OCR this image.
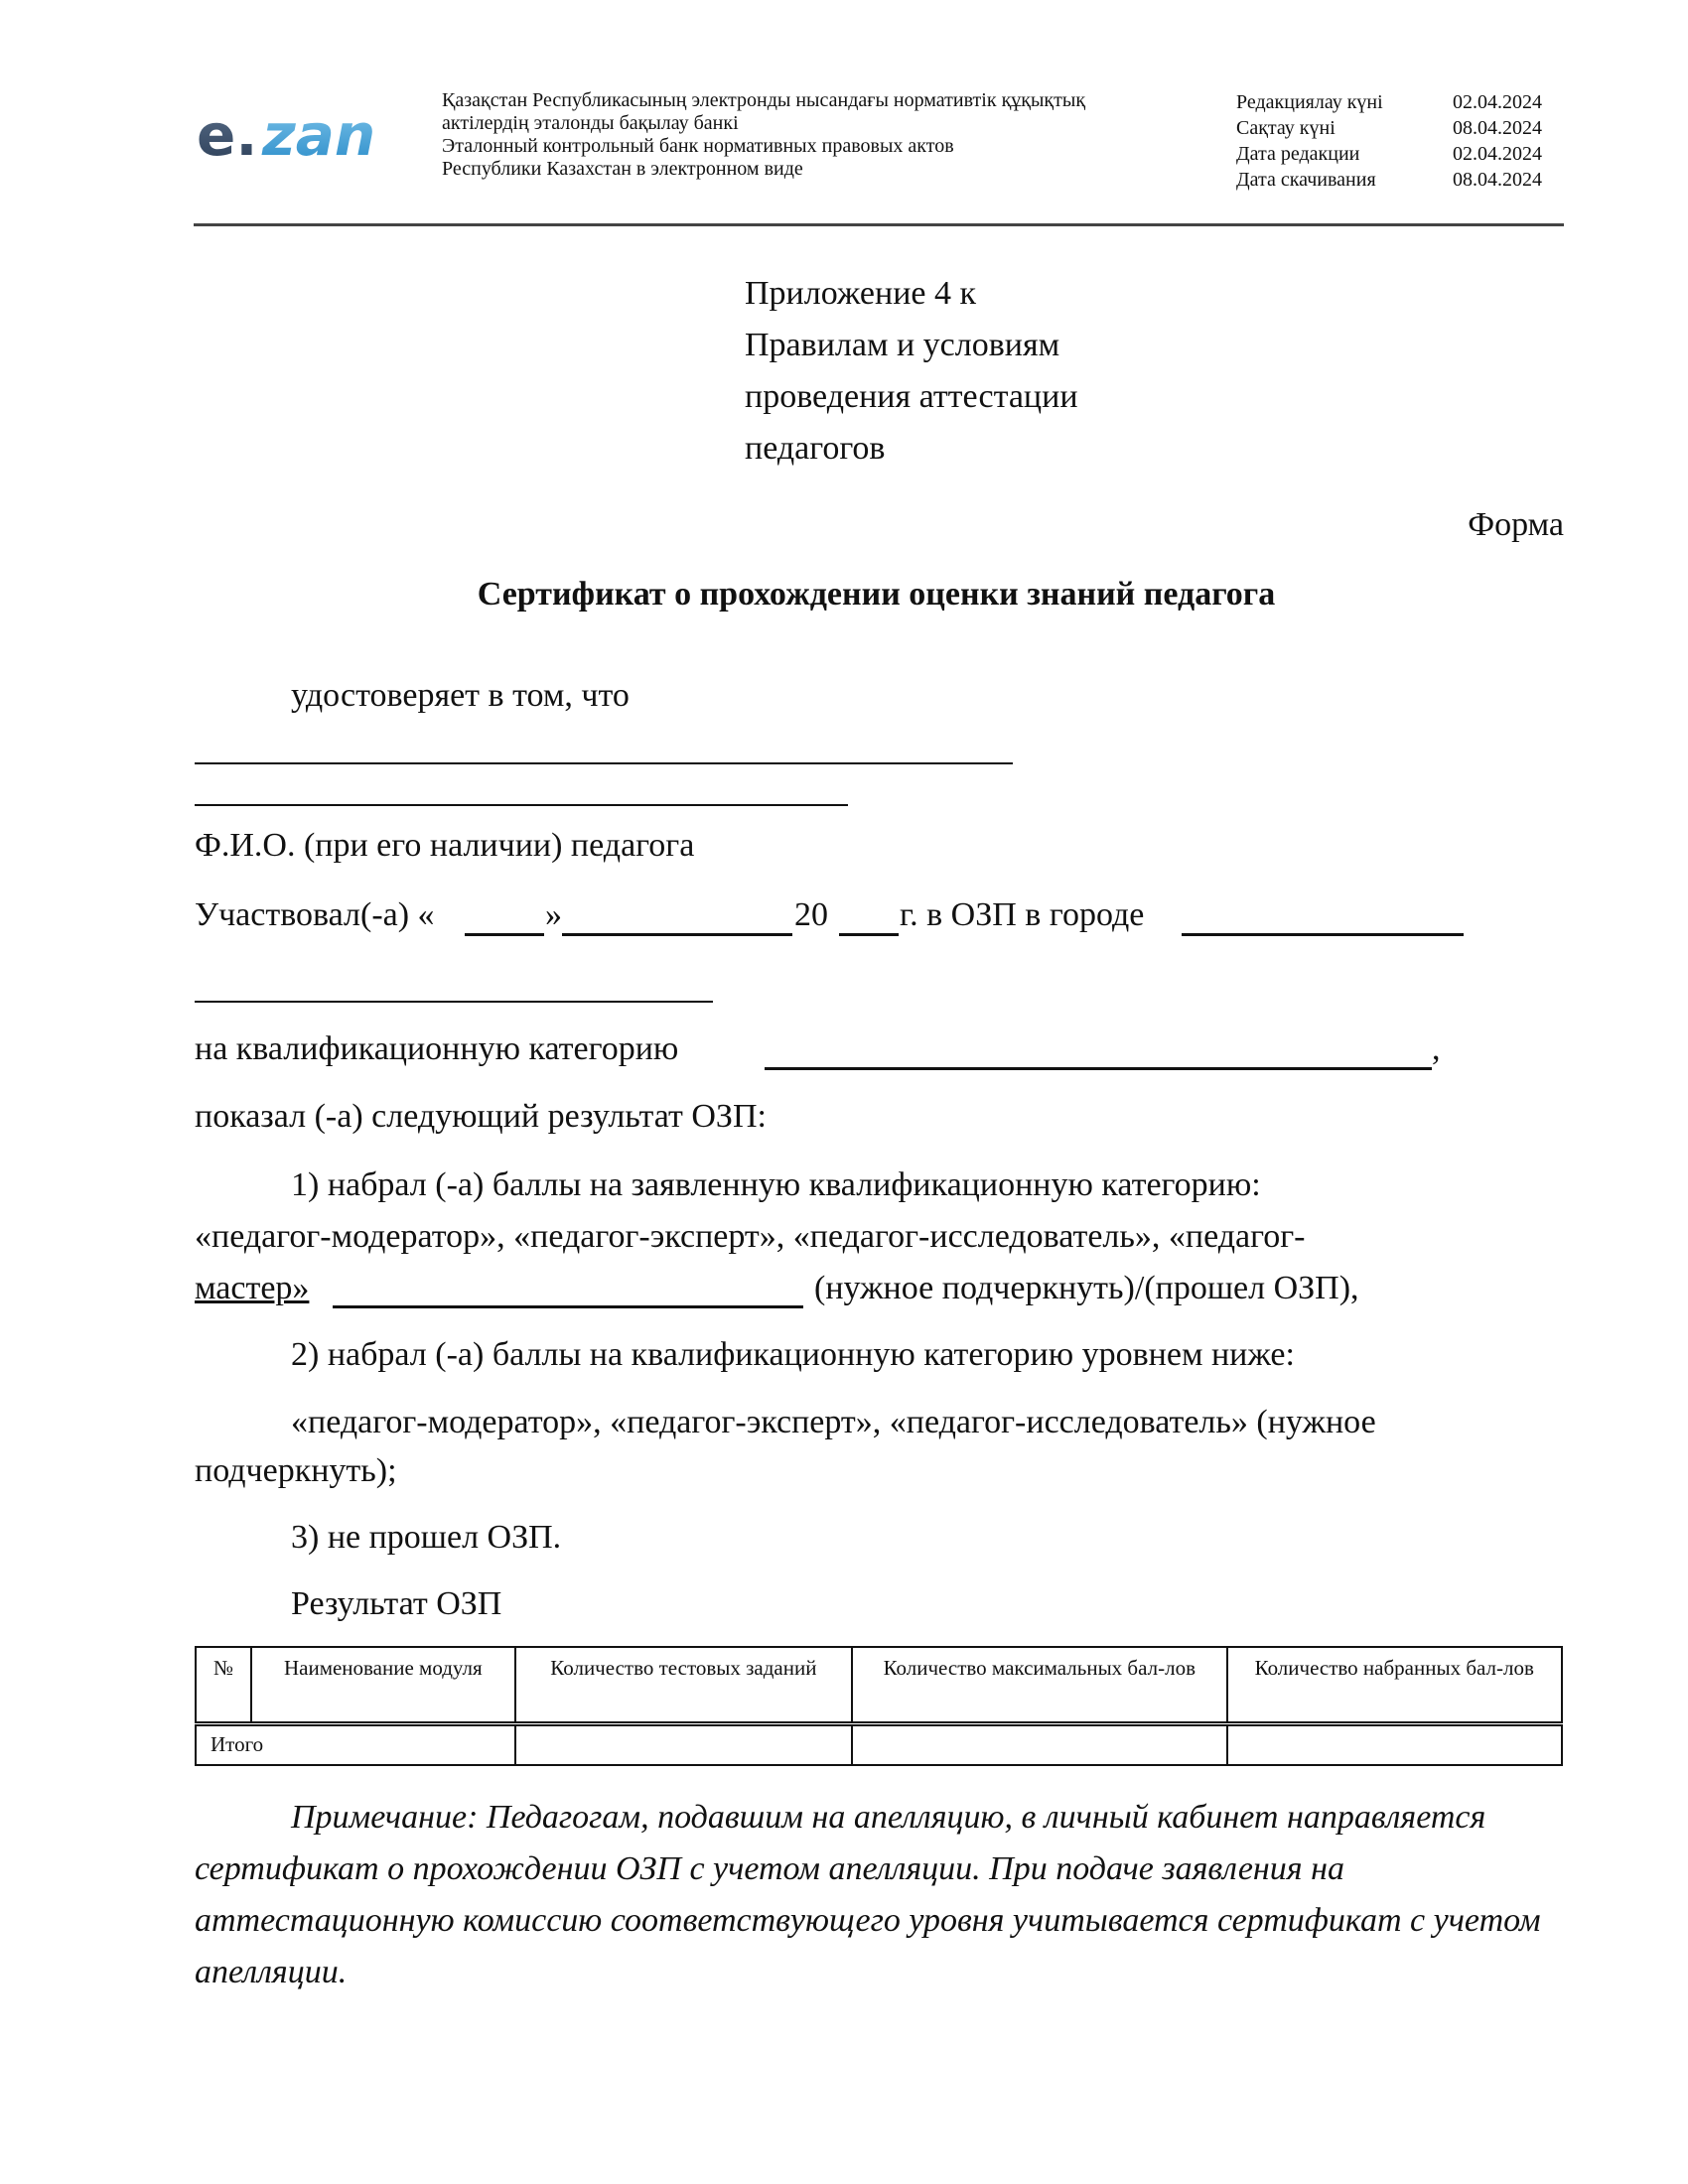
e. zan
Қазақстан Республикасының электронды нысандағы нормативтік құқықтық
актілердің эталонды бақылау банкі
Эталонный контрольный банк нормативных правовых актов
Республики Казахстан в электронном виде
Редакциялау күні	02.04.2024
Сақтау күні	08.04.2024
Дата редакции	02.04.2024
Дата скачивания	08.04.2024
Приложение 4 к
Правилам и условиям
проведения аттестации
педагогов
Форма
Сертификат о прохождении оценки знаний педагога
удостоверяет в том, что
Ф.И.О. (при его наличии) педагога
Участвовал(-а) «	»	20 г. в ОЗП в городе
на квалификационную категорию	,
показал (-а) следующий результат ОЗП:
1) набрал (-а) баллы на заявленную квалификационную категорию:
«педагог-модератор», «педагог-эксперт», «педагог-исследователь», «педагог-
мастер»	(нужное подчеркнуть)/(прошел ОЗП),
2) набрал (-а) баллы на квалификационную категорию уровнем ниже:
«педагог-модератор», «педагог-эксперт», «педагог-исследователь» (нужное
подчеркнуть);
3) не прошел ОЗП.
Результат ОЗП
№	Наименование модуля	Количество тестовых заданий	Количество максимальных бал-лов	Количество набранных бал-лов
Итого				
Примечание: Педагогам, подавшим на апелляцию, в личный кабинет направляется сертификат о прохождении ОЗП с учетом апелляции. При подаче заявления на аттестационную комиссию соответствующего уровня учитывается сертификат с учетом апелляции.
